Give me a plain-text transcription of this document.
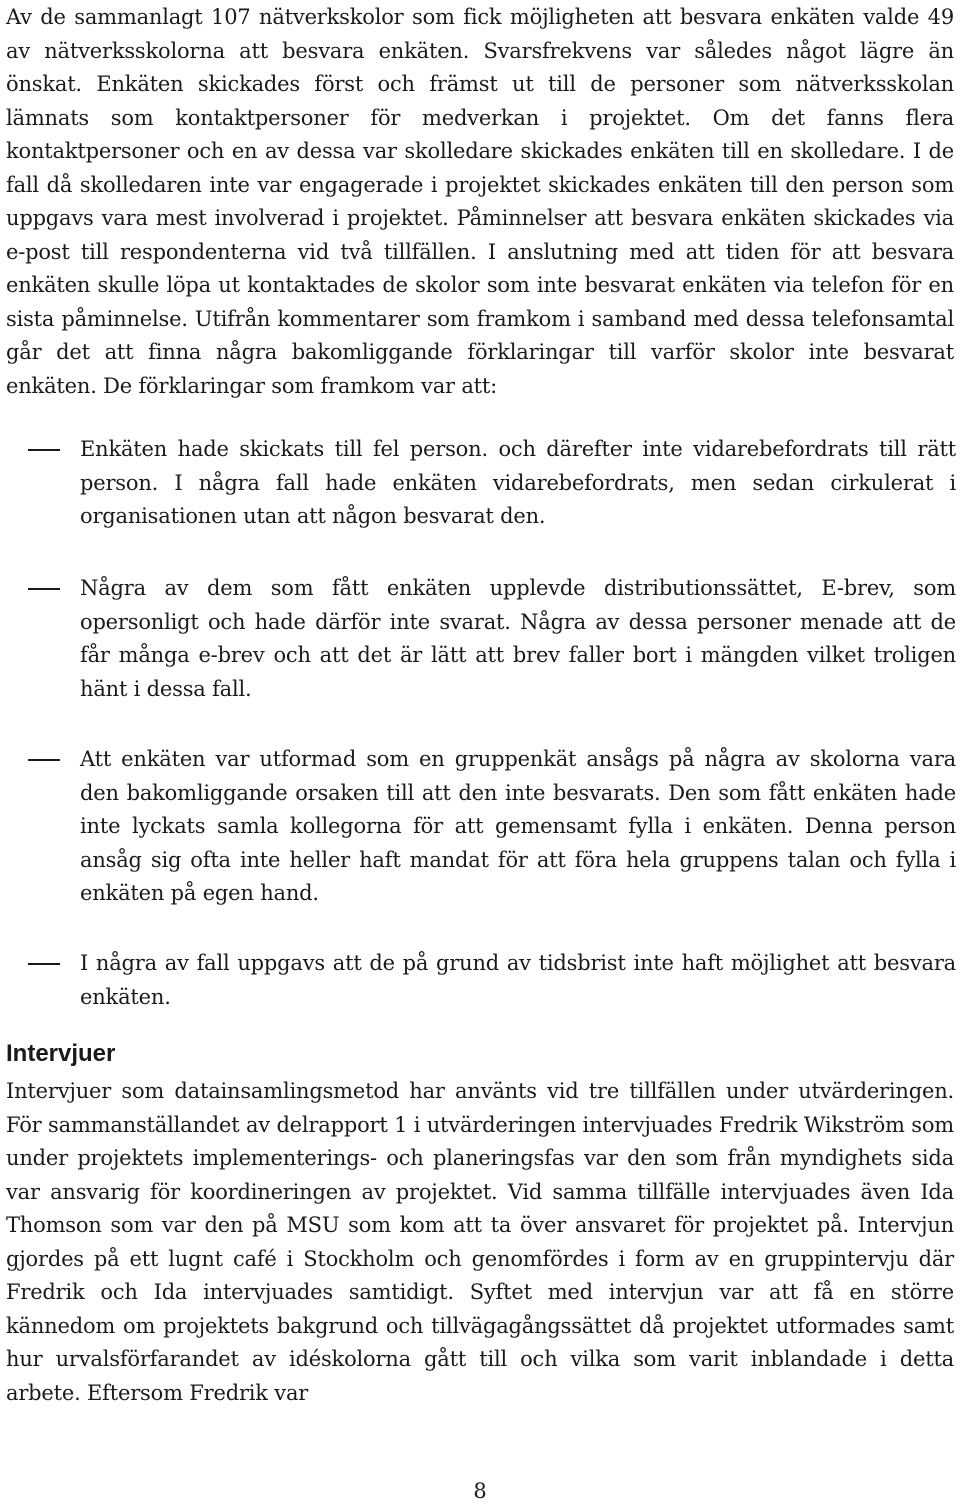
Av de sammanlagt 107 nätverkskolor som fick möjligheten att besvara enkäten valde 49 av nätverksskolorna att besvara enkäten. Svarsfrekvens var således något lägre än önskat. Enkäten skickades först och främst ut till de personer som nätverksskolan lämnats som kontaktpersoner för medverkan i projektet. Om det fanns flera kontaktpersoner och en av dessa var skolledare skickades enkäten till en skolledare. I de fall då skolledaren inte var engagerade i projektet skickades enkäten till den person som uppgavs vara mest involverad i projektet. Påminnelser att besvara enkäten skickades via e-post till respondenterna vid två tillfällen. I anslutning med att tiden för att besvara enkäten skulle löpa ut kontaktades de skolor som inte besvarat enkäten via telefon för en sista påminnelse. Utifrån kommentarer som framkom i samband med dessa telefonsamtal går det att finna några bakomliggande förklaringar till varför skolor inte besvarat enkäten. De förklaringar som framkom var att:

Enkäten hade skickats till fel person. och därefter inte vidarebefordrats till rätt person. I några fall hade enkäten vidarebefordrats, men sedan cirkulerat i organisationen utan att någon besvarat den.
Några av dem som fått enkäten upplevde distributionssättet, E-brev, som opersonligt och hade därför inte svarat. Några av dessa personer menade att de får många e-brev och att det är lätt att brev faller bort i mängden vilket troligen hänt i dessa fall.
Att enkäten var utformad som en gruppenkät ansågs på några av skolorna vara den bakomliggande orsaken till att den inte besvarats. Den som fått enkäten hade inte lyckats samla kollegorna för att gemensamt fylla i enkäten. Denna person ansåg sig ofta inte heller haft mandat för att föra hela gruppens talan och fylla i enkäten på egen hand.
I några av fall uppgavs att de på grund av tidsbrist inte haft möjlighet att besvara enkäten.
Intervjuer

Intervjuer som datainsamlingsmetod har använts vid tre tillfällen under utvärderingen. För sammanställandet av delrapport 1 i utvärderingen intervjuades Fredrik Wikström som under projektets implementerings- och planeringsfas var den som från myndighets sida var ansvarig för koordineringen av projektet. Vid samma tillfälle intervjuades även Ida Thomson som var den på MSU som kom att ta över ansvaret för projektet på. Intervjun gjordes på ett lugnt café i Stockholm och genomfördes i form av en gruppintervju där Fredrik och Ida intervjuades samtidigt. Syftet med intervjun var att få en större kännedom om projektets bakgrund och tillvägagångssättet då projektet utformades samt hur urvalsförfarandet av idéskolorna gått till och vilka som varit inblandade i detta arbete. Eftersom Fredrik var

8
